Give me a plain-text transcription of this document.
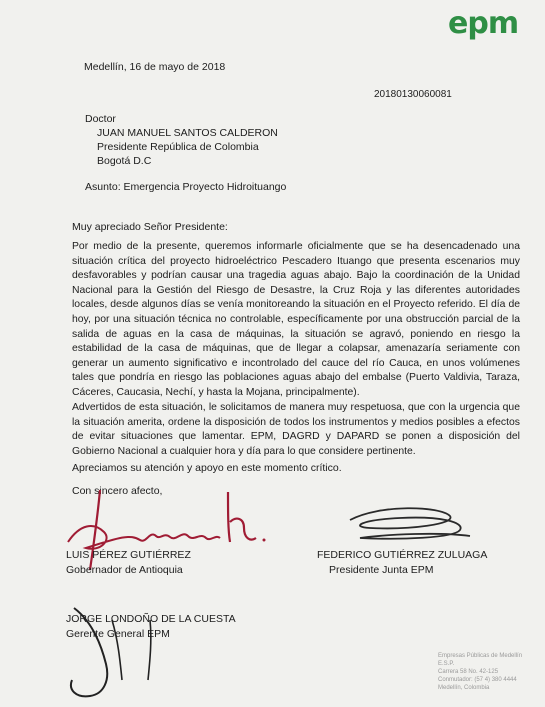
epm
Medellín, 16 de mayo de 2018
20180130060081
Doctor
JUAN MANUEL SANTOS CALDERON
Presidente República de Colombia
Bogotá D.C
Asunto: Emergencia Proyecto Hidroituango
Muy apreciado Señor Presidente:
Por medio de la presente, queremos informarle oficialmente que se ha desencadenado una situación crítica del proyecto hidroeléctrico Pescadero Ituango que presenta escenarios muy desfavorables y podrían causar una tragedia aguas abajo. Bajo la coordinación de la Unidad Nacional para la Gestión del Riesgo de Desastre, la Cruz Roja y las diferentes autoridades locales, desde algunos días se venía monitoreando la situación en el Proyecto referido. El día de hoy, por una situación técnica no controlable, específicamente por una obstrucción parcial de la salida de aguas en la casa de máquinas, la situación se agravó, poniendo en riesgo la estabilidad de la casa de máquinas, que de llegar a colapsar, amenazaría seriamente con generar un aumento significativo e incontrolado del cauce del río Cauca, en unos volúmenes tales que pondría en riesgo las poblaciones aguas abajo del embalse (Puerto Valdivia, Taraza, Cáceres, Caucasia, Nechí, y hasta la Mojana, principalmente).
Advertidos de esta situación, le solicitamos de manera muy respetuosa, que con la urgencia que la situación amerita, ordene la disposición de todos los instrumentos y medios posibles a efectos de evitar situaciones que lamentar. EPM, DAGRD y DAPARD se ponen a disposición del Gobierno Nacional a cualquier hora y día para lo que considere pertinente.
Apreciamos su atención y apoyo en este momento crítico.
Con sincero afecto,
LUIS PÉREZ GUTIÉRREZ
Gobernador de Antioquia
FEDERICO GUTIÉRREZ ZULUAGA
Presidente Junta EPM
JORGE LONDOÑO DE LA CUESTA
Gerente General EPM
Empresas Públicas de Medellín E.S.P.
Carrera 58 No. 42-125
Conmutador: (57 4) 380 4444
Medellín, Colombia
